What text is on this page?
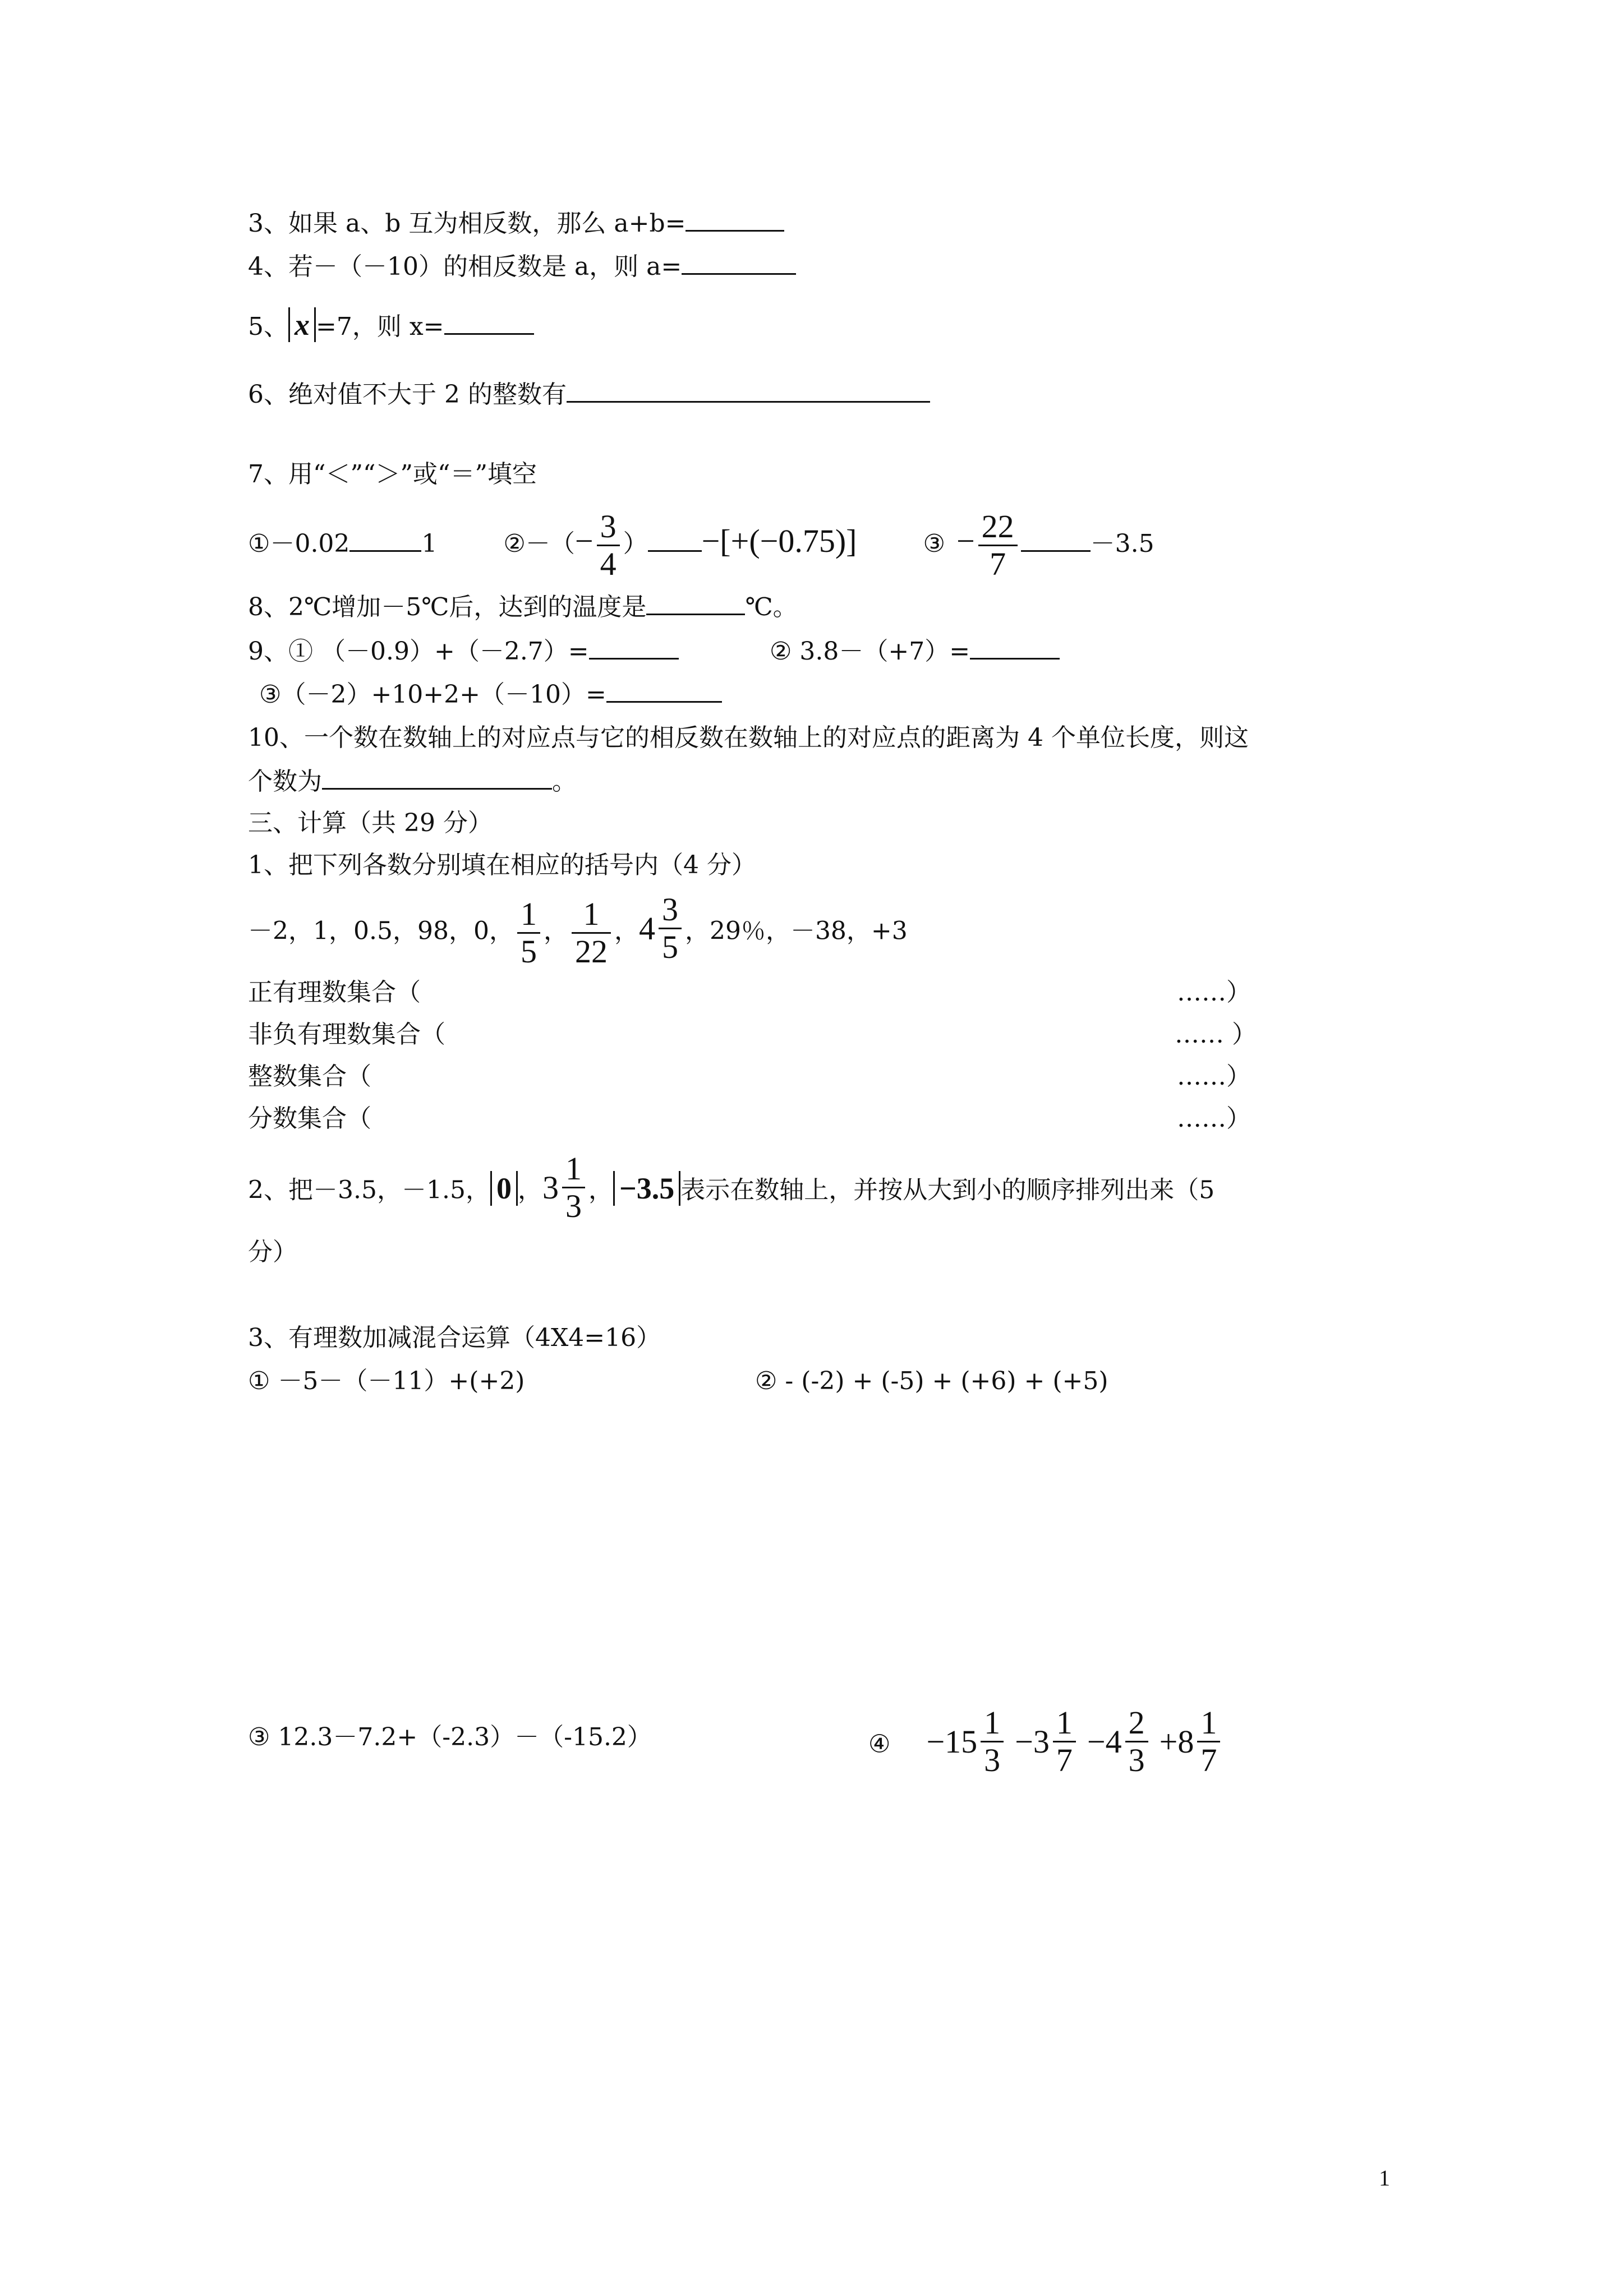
3、如果 a、b 互为相反数，那么 a+b=
4、若－（－10）的相反数是 a，则 a=
5、 x =7，则 x=
6、绝对值不大于 2 的整数有
7、用“＜”“＞”或“＝”填空
①－0.02	1	②－（− $\frac{3}{4}$ ） −[+(−0.75)]	③ − $\frac{22}{7}$	－3.5
8、2℃增加－5℃后，达到的温度是	℃。
9、① （－0.9）+（－2.7）=	② 3.8－（+7）=
③（－2）+10+2+（－10）=
10、一个数在数轴上的对应点与它的相反数在数轴上的对应点的距离为 4 个单位长度，则这
个数为	。
三、计算（共 29 分）
1、把下列各数分别填在相应的括号内（4 分）
－2，1，0.5，98，0， $\frac{1}{5}$ ， $\frac{1}{22}$ ， 4
3
5 ，29％，－38，+3
正有理数集合（	……）
非负有理数集合（	…… ）
整数集合（	……）
分数集合（	……）
2、把－3.5，－1.5， 0 ， 3
1
3 ， −3.5 表示在数轴上，并按从大到小的顺序排列出来（5
分）
3、有理数加减混合运算（4X4=16）
① －5－（－11）+(+2)	② - (-2) + (-5) + (+6) + (+5)
③ 12.3－7.2+（-2.3）－（-15.2）	④ − 15
1
3

− 3
1
7

− 4
2
3

+ 8
1
7
1
